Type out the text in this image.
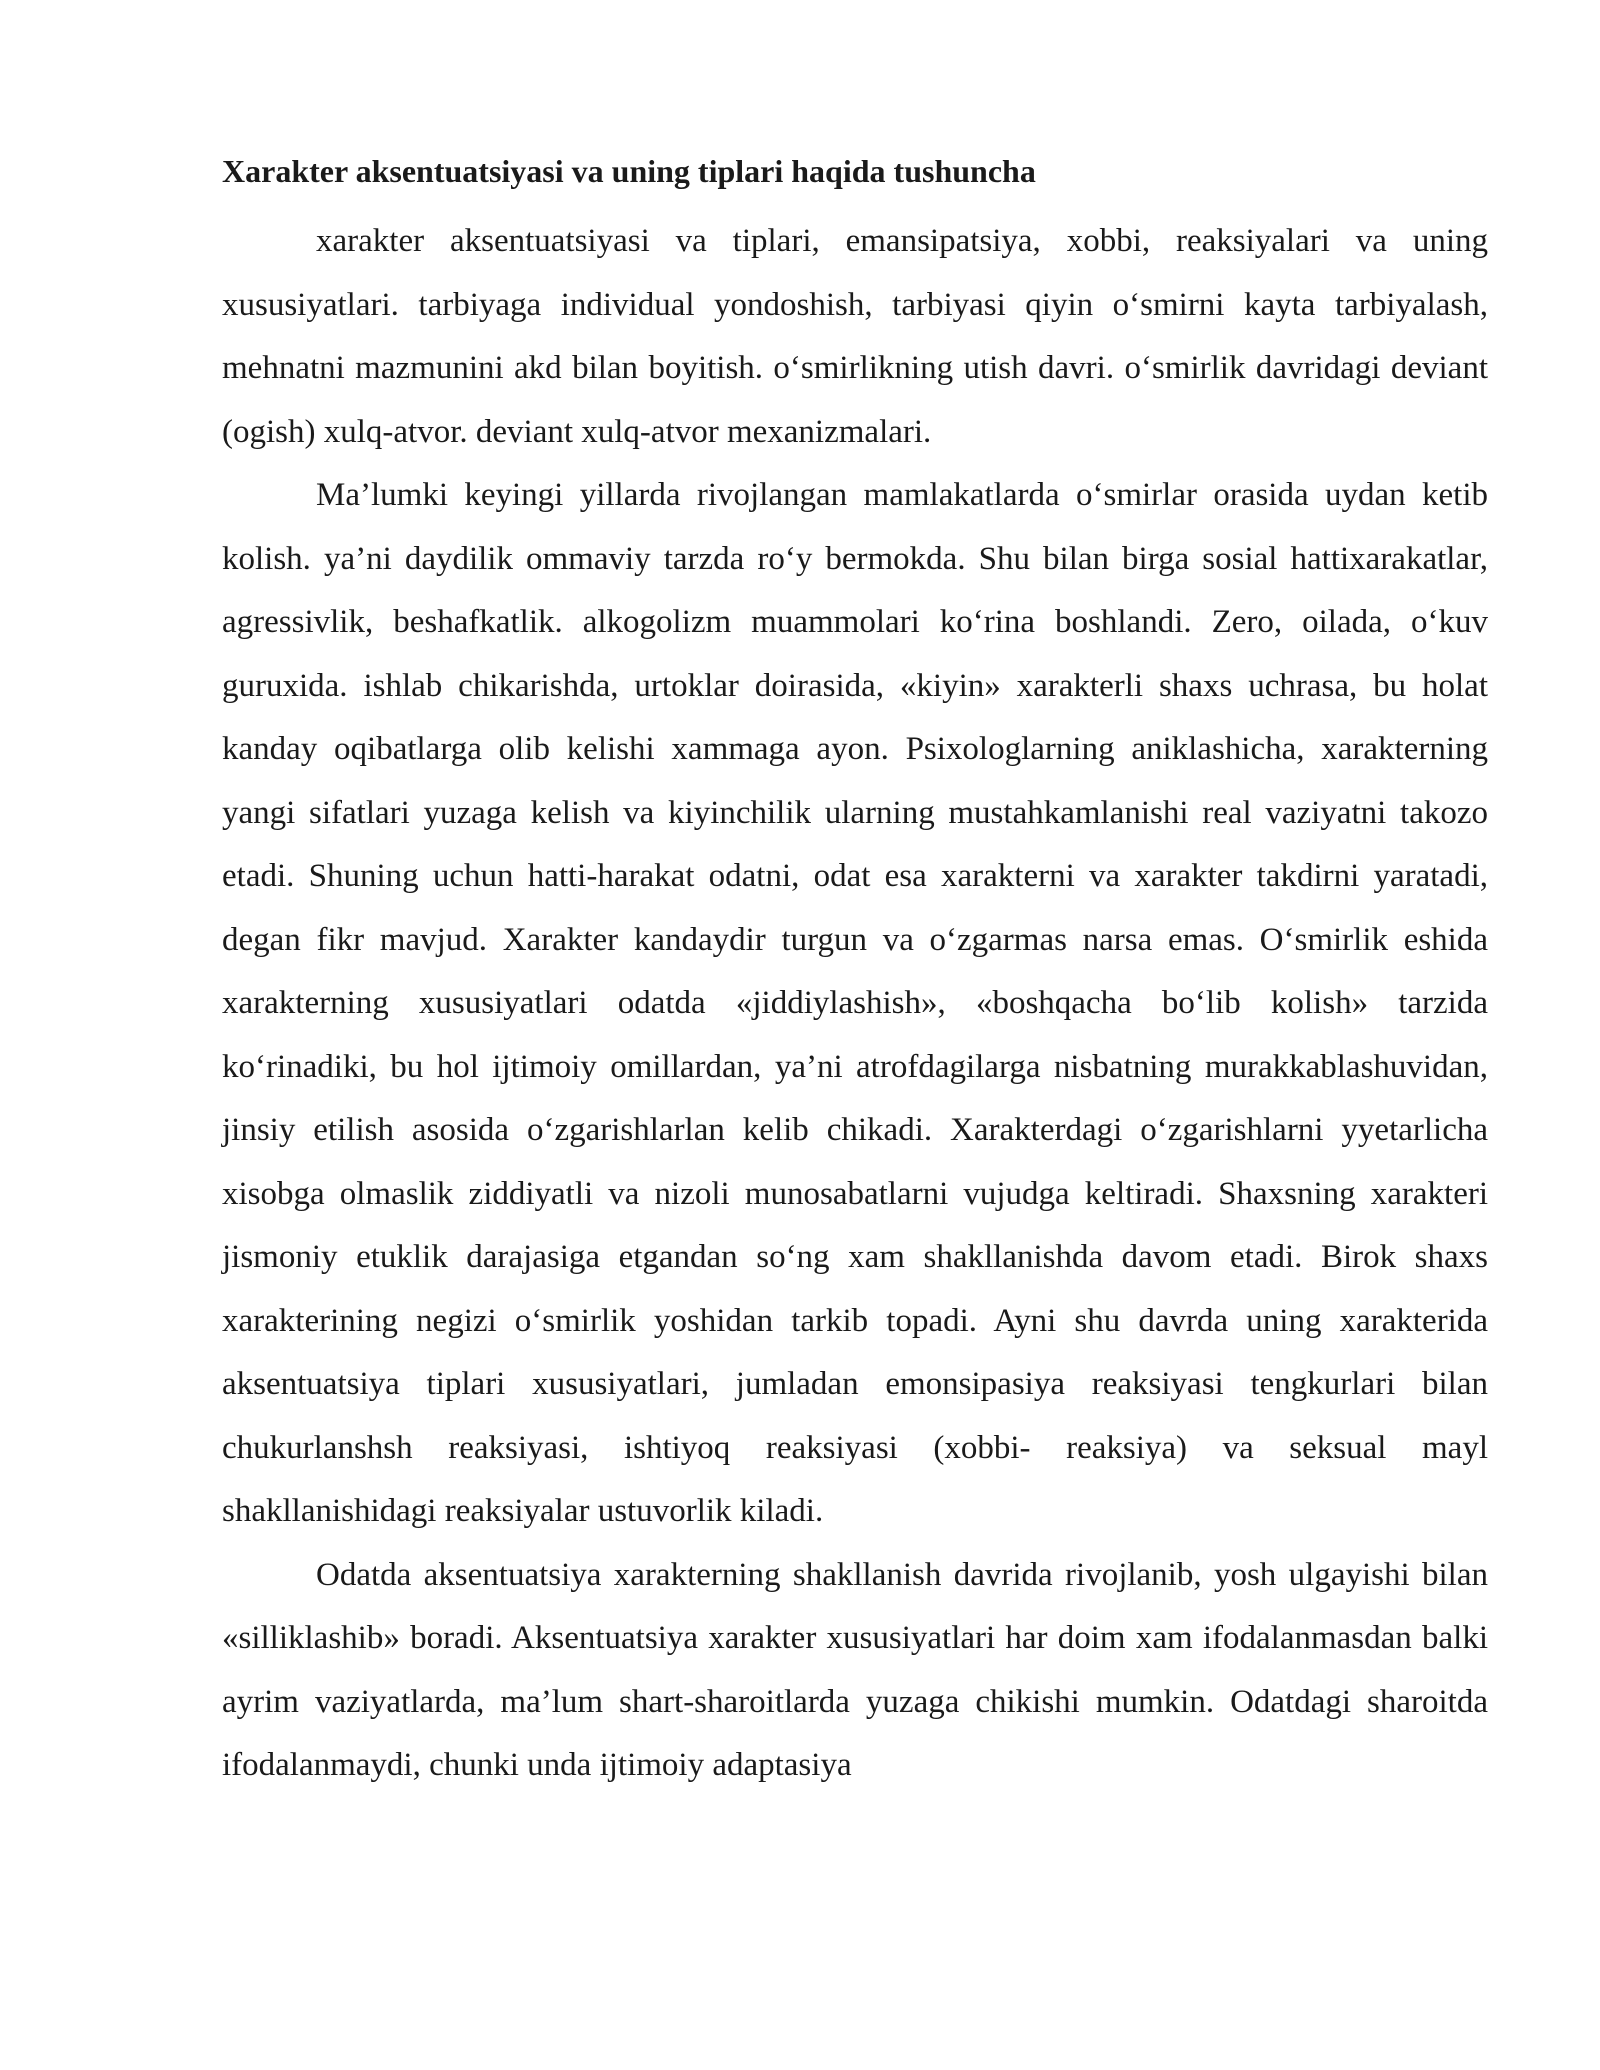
Xarakter aksentuatsiyasi va uning tiplari haqida tushuncha

xarakter aksentuatsiyasi va tiplari, emansipatsiya, xobbi, reaksiyalari va uning xususiyatlari. tarbiyaga individual yondoshish, tarbiyasi qiyin o‘smirni kayta tarbiyalash, mehnatni mazmunini akd bilan boyitish. o‘smirlikning utish davri. o‘smirlik davridagi deviant (ogish) xulq-atvor. deviant xulq-atvor mexanizmalari.

Ma’lumki keyingi yillarda rivojlangan mamlakatlarda o‘smirlar orasida uydan ketib kolish. ya’ni daydilik ommaviy tarzda ro‘y bermokda. Shu bilan birga sosial hattixarakatlar, agressivlik, beshafkatlik. alkogolizm muammolari ko‘rina boshlandi. Zero, oilada, o‘kuv guruxida. ishlab chikarishda, urtoklar doirasida, «kiyin» xarakterli shaxs uchrasa, bu holat kanday oqibatlarga olib kelishi xammaga ayon. Psixologlarning aniklashicha, xarakterning yangi sifatlari yuzaga kelish va kiyinchilik ularning mustahkamlanishi real vaziyatni takozo etadi. Shuning uchun hatti-harakat odatni, odat esa xarakterni va xarakter takdirni yaratadi, degan fikr mavjud. Xarakter kandaydir turgun va o‘zgarmas narsa emas. O‘smirlik eshida xarakterning xususiyatlari odatda «jiddiylashish», «boshqacha bo‘lib kolish» tarzida ko‘rinadiki, bu hol ijtimoiy omillardan, ya’ni atrofdagilarga nisbatning murakkablashuvidan, jinsiy etilish asosida o‘zgarishlarlan kelib chikadi. Xarakterdagi o‘zgarishlarni yyetarlicha xisobga olmaslik ziddiyatli va nizoli munosabatlarni vujudga keltiradi. Shaxsning xarakteri jismoniy etuklik darajasiga etgandan so‘ng xam shakllanishda davom etadi. Birok shaxs xarakterining negizi o‘smirlik yoshidan tarkib topadi. Ayni shu davrda uning xarakterida aksentuatsiya tiplari xususiyatlari, jumladan emonsipasiya reaksiyasi tengkurlari bilan chukurlanshsh reaksiyasi, ishtiyoq reaksiyasi (xobbi- reaksiya) va seksual mayl shakllanishidagi reaksiyalar ustuvorlik kiladi.

Odatda aksentuatsiya xarakterning shakllanish davrida rivojlanib, yosh ulgayishi bilan «silliklashib» boradi. Aksentuatsiya xarakter xususiyatlari har doim xam ifodalanmasdan balki ayrim vaziyatlarda, ma’lum shart-sharoitlarda yuzaga chikishi mumkin. Odatdagi sharoitda ifodalanmaydi, chunki unda ijtimoiy adaptasiya
